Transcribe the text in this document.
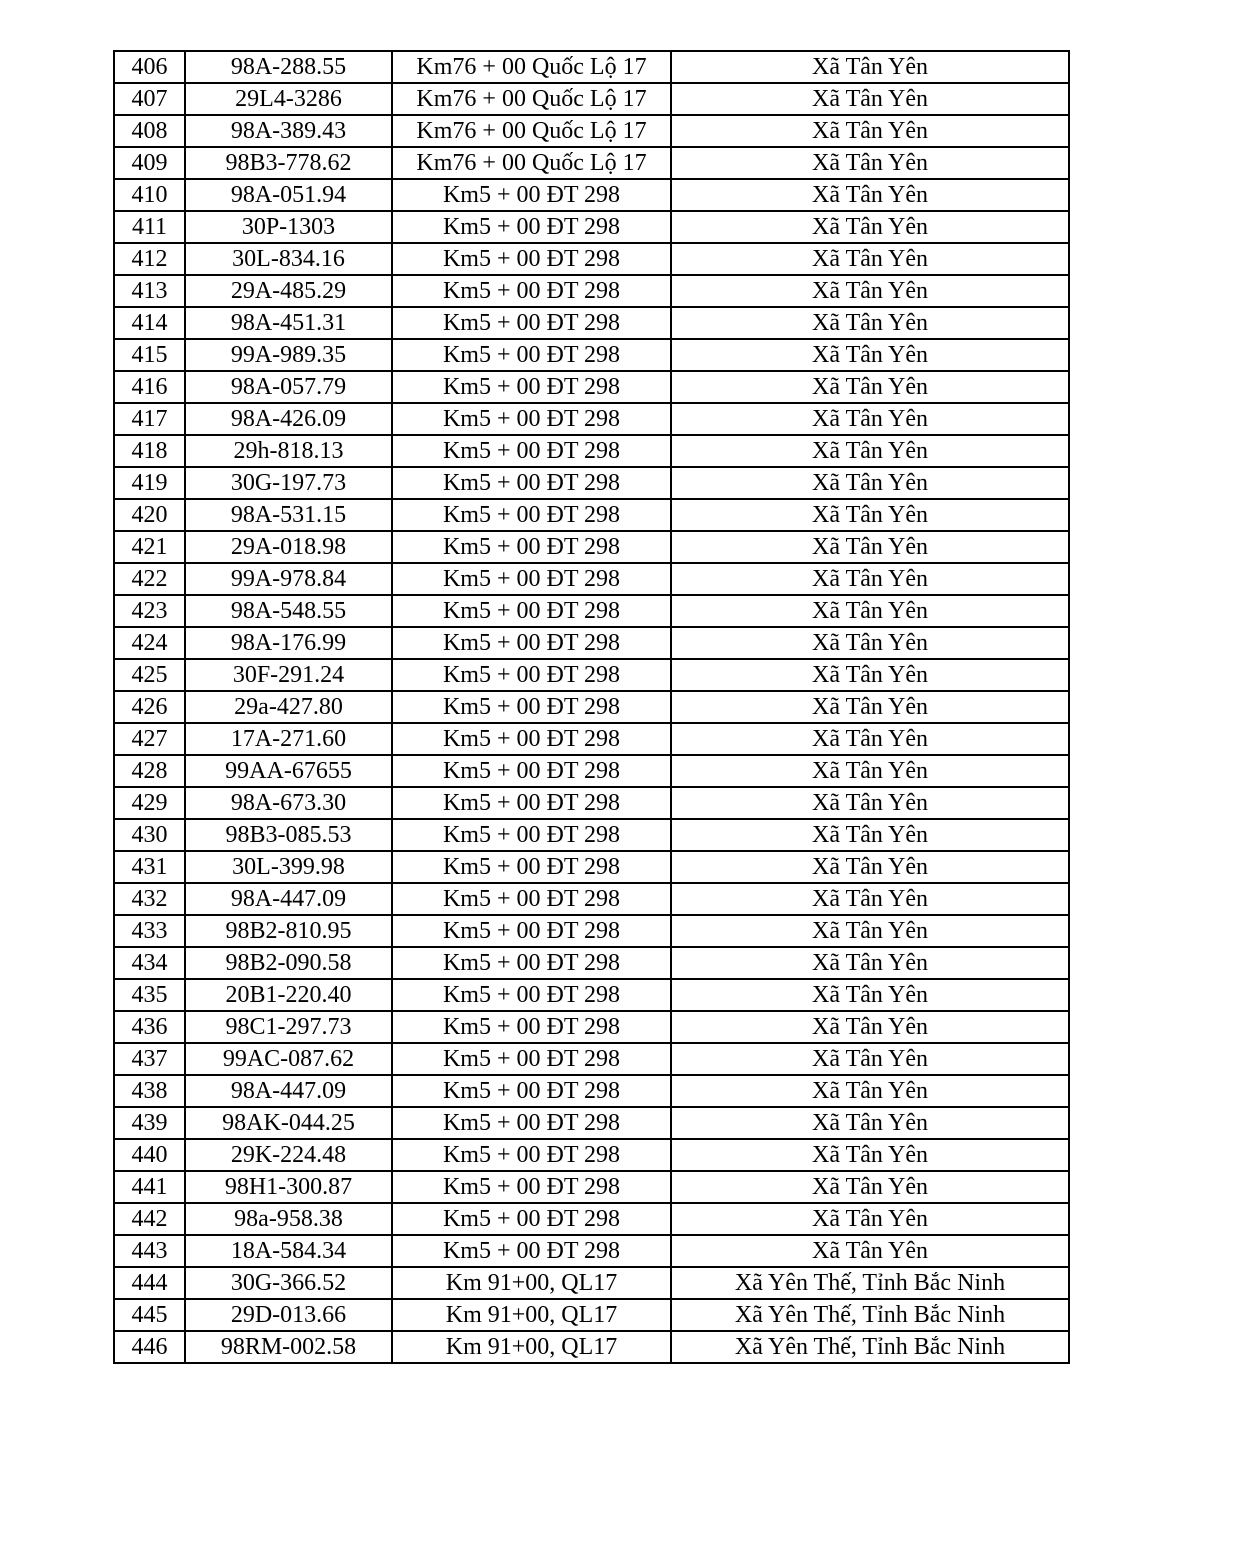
406	98A-288.55	Km76 + 00 Quốc Lộ 17	Xã Tân Yên
407	29L4-3286	Km76 + 00 Quốc Lộ 17	Xã Tân Yên
408	98A-389.43	Km76 + 00 Quốc Lộ 17	Xã Tân Yên
409	98B3-778.62	Km76 + 00 Quốc Lộ 17	Xã Tân Yên
410	98A-051.94	Km5 + 00 ĐT 298	Xã Tân Yên
411	30P-1303	Km5 + 00 ĐT 298	Xã Tân Yên
412	30L-834.16	Km5 + 00 ĐT 298	Xã Tân Yên
413	29A-485.29	Km5 + 00 ĐT 298	Xã Tân Yên
414	98A-451.31	Km5 + 00 ĐT 298	Xã Tân Yên
415	99A-989.35	Km5 + 00 ĐT 298	Xã Tân Yên
416	98A-057.79	Km5 + 00 ĐT 298	Xã Tân Yên
417	98A-426.09	Km5 + 00 ĐT 298	Xã Tân Yên
418	29h-818.13	Km5 + 00 ĐT 298	Xã Tân Yên
419	30G-197.73	Km5 + 00 ĐT 298	Xã Tân Yên
420	98A-531.15	Km5 + 00 ĐT 298	Xã Tân Yên
421	29A-018.98	Km5 + 00 ĐT 298	Xã Tân Yên
422	99A-978.84	Km5 + 00 ĐT 298	Xã Tân Yên
423	98A-548.55	Km5 + 00 ĐT 298	Xã Tân Yên
424	98A-176.99	Km5 + 00 ĐT 298	Xã Tân Yên
425	30F-291.24	Km5 + 00 ĐT 298	Xã Tân Yên
426	29a-427.80	Km5 + 00 ĐT 298	Xã Tân Yên
427	17A-271.60	Km5 + 00 ĐT 298	Xã Tân Yên
428	99AA-67655	Km5 + 00 ĐT 298	Xã Tân Yên
429	98A-673.30	Km5 + 00 ĐT 298	Xã Tân Yên
430	98B3-085.53	Km5 + 00 ĐT 298	Xã Tân Yên
431	30L-399.98	Km5 + 00 ĐT 298	Xã Tân Yên
432	98A-447.09	Km5 + 00 ĐT 298	Xã Tân Yên
433	98B2-810.95	Km5 + 00 ĐT 298	Xã Tân Yên
434	98B2-090.58	Km5 + 00 ĐT 298	Xã Tân Yên
435	20B1-220.40	Km5 + 00 ĐT 298	Xã Tân Yên
436	98C1-297.73	Km5 + 00 ĐT 298	Xã Tân Yên
437	99AC-087.62	Km5 + 00 ĐT 298	Xã Tân Yên
438	98A-447.09	Km5 + 00 ĐT 298	Xã Tân Yên
439	98AK-044.25	Km5 + 00 ĐT 298	Xã Tân Yên
440	29K-224.48	Km5 + 00 ĐT 298	Xã Tân Yên
441	98H1-300.87	Km5 + 00 ĐT 298	Xã Tân Yên
442	98a-958.38	Km5 + 00 ĐT 298	Xã Tân Yên
443	18A-584.34	Km5 + 00 ĐT 298	Xã Tân Yên
444	30G-366.52	Km 91+00, QL17	Xã Yên Thế, Tỉnh Bắc Ninh
445	29D-013.66	Km 91+00, QL17	Xã Yên Thế, Tỉnh Bắc Ninh
446	98RM-002.58	Km 91+00, QL17	Xã Yên Thế, Tỉnh Bắc Ninh
